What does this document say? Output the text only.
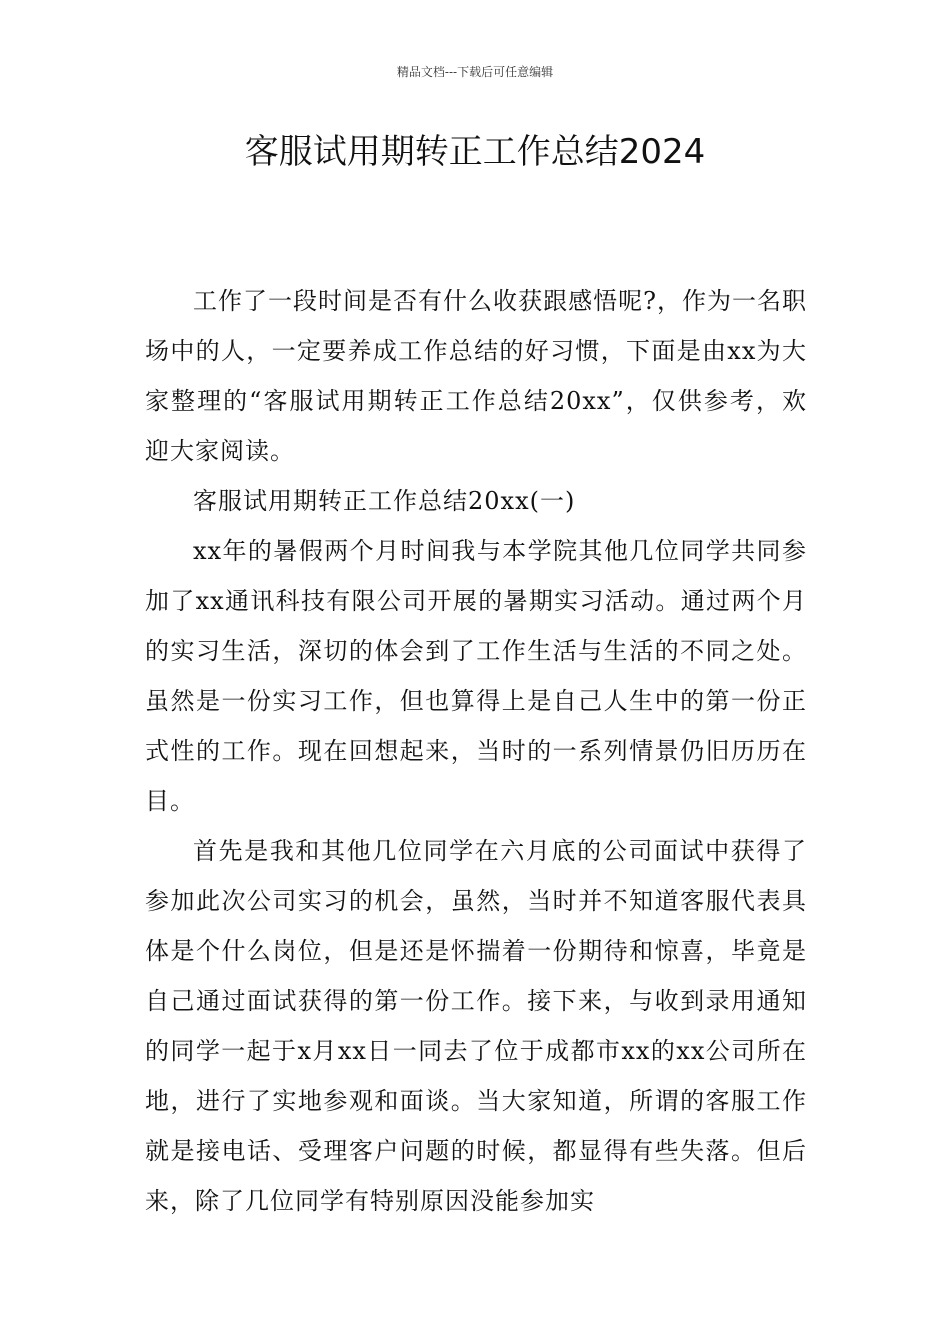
精品文档---下载后可任意编辑
客服试用期转正工作总结2024

工作了一段时间是否有什么收获跟感悟呢?，作为一名职场中的人，一定要养成工作总结的好习惯，下面是由xx为大家整理的“客服试用期转正工作总结20xx”，仅供参考，欢迎大家阅读。

客服试用期转正工作总结20xx(一)

xx年的暑假两个月时间我与本学院其他几位同学共同参加了xx通讯科技有限公司开展的暑期实习活动。通过两个月的实习生活，深切的体会到了工作生活与生活的不同之处。虽然是一份实习工作，但也算得上是自己人生中的第一份正式性的工作。现在回想起来，当时的一系列情景仍旧历历在目。

首先是我和其他几位同学在六月底的公司面试中获得了参加此次公司实习的机会，虽然，当时并不知道客服代表具体是个什么岗位，但是还是怀揣着一份期待和惊喜，毕竟是自己通过面试获得的第一份工作。接下来，与收到录用通知的同学一起于x月xx日一同去了位于成都市xx的xx公司所在地，进行了实地参观和面谈。当大家知道，所谓的客服工作就是接电话、受理客户问题的时候，都显得有些失落。但后来，除了几位同学有特别原因没能参加实
